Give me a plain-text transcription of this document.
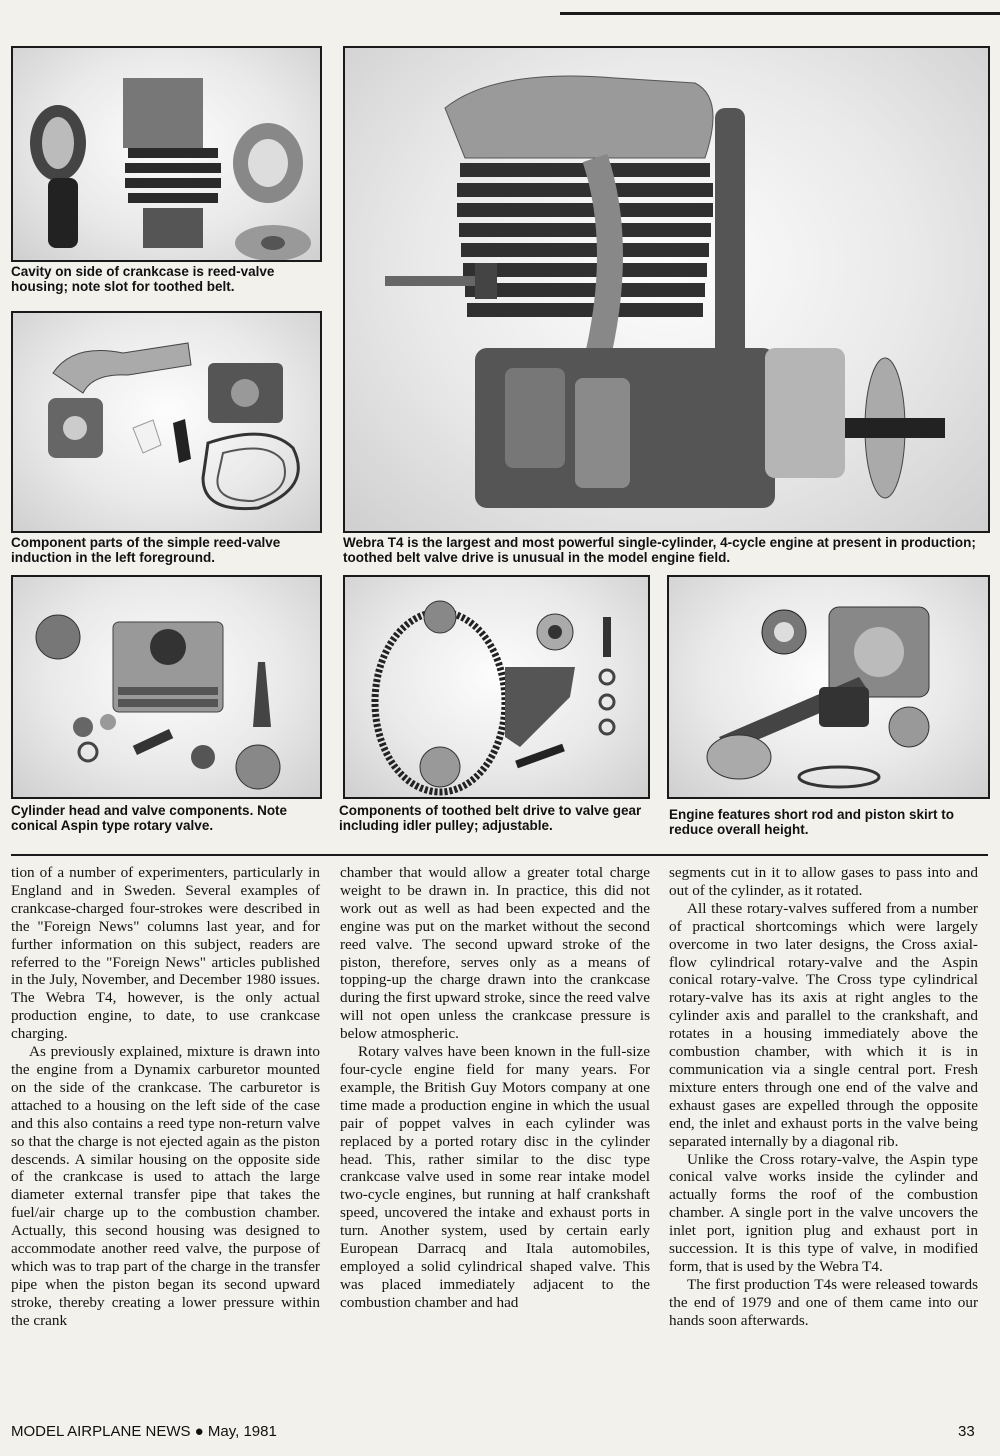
Cavity on side of crankcase is reed-valve housing; note slot for toothed belt.
Component parts of the simple reed-valve induction in the left foreground.
Webra T4 is the largest and most powerful single-cylinder, 4-cycle engine at present in production; toothed belt valve drive is unusual in the model engine field.
Cylinder head and valve components. Note conical Aspin type rotary valve.
Components of toothed belt drive to valve gear including idler pulley; adjustable.
Engine features short rod and piston skirt to reduce overall height.

tion of a number of experimenters, particularly in England and in Sweden. Several examples of crankcase-charged four-strokes were described in the "Foreign News" columns last year, and for further information on this subject, readers are referred to the "Foreign News" articles published in the July, November, and December 1980 issues. The Webra T4, however, is the only actual production engine, to date, to use crankcase charging.

As previously explained, mixture is drawn into the engine from a Dynamix carburetor mounted on the side of the crankcase. The carburetor is attached to a housing on the left side of the case and this also contains a reed type non-return valve so that the charge is not ejected again as the piston descends. A similar housing on the opposite side of the crankcase is used to attach the large diameter external transfer pipe that takes the fuel/air charge up to the combustion chamber. Actually, this second housing was designed to accommodate another reed valve, the purpose of which was to trap part of the charge in the transfer pipe when the piston began its second upward stroke, thereby creating a lower pressure within the crank

chamber that would allow a greater total charge weight to be drawn in. In practice, this did not work out as well as had been expected and the engine was put on the market without the second reed valve. The second upward stroke of the piston, therefore, serves only as a means of topping-up the charge drawn into the crankcase during the first upward stroke, since the reed valve will not open unless the crankcase pressure is below atmospheric.

Rotary valves have been known in the full-size four-cycle engine field for many years. For example, the British Guy Motors company at one time made a production engine in which the usual pair of poppet valves in each cylinder was replaced by a ported rotary disc in the cylinder head. This, rather similar to the disc type crankcase valve used in some rear intake model two-cycle engines, but running at half crankshaft speed, uncovered the intake and exhaust ports in turn. Another system, used by certain early European Darracq and Itala automobiles, employed a solid cylindrical shaped valve. This was placed immediately adjacent to the combustion chamber and had

segments cut in it to allow gases to pass into and out of the cylinder, as it rotated.

All these rotary-valves suffered from a number of practical shortcomings which were largely overcome in two later designs, the Cross axial-flow cylindrical rotary-valve and the Aspin conical rotary-valve. The Cross type cylindrical rotary-valve has its axis at right angles to the cylinder axis and parallel to the crankshaft, and rotates in a housing immediately above the combustion chamber, with which it is in communication via a single central port. Fresh mixture enters through one end of the valve and exhaust gases are expelled through the opposite end, the inlet and exhaust ports in the valve being separated internally by a diagonal rib.

Unlike the Cross rotary-valve, the Aspin type conical valve works inside the cylinder and actually forms the roof of the combustion chamber. A single port in the valve uncovers the inlet port, ignition plug and exhaust port in succession. It is this type of valve, in modified form, that is used by the Webra T4.

The first production T4s were released towards the end of 1979 and one of them came into our hands soon afterwards.

MODEL AIRPLANE NEWS ● May, 1981	33
